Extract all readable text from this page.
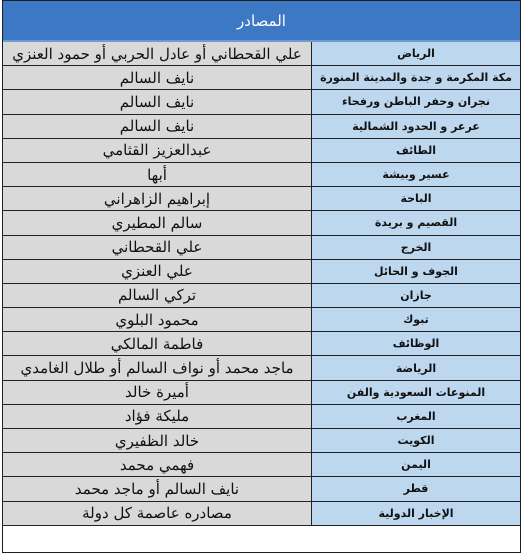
المصادر
الرياض
علي القحطاني أو عادل الحربي أو حمود العنزي
مكة المكرمة و جدة والمدينة المنورة
نايف السالم
نجران وحفر الباطن ورفحاء
نايف السالم
عرعر و الحدود الشمالية
نايف السالم
الطائف
عبدالعزيز القثامي
عسير وبيشة
أبها
الباحة
إبراهيم الزاهراني
القصيم و بريدة
سالم المطيري
الخرج
علي القحطاني
الجوف و الحائل
علي العنزي
جازان
تركي السالم
تبوك
محمود البلوي
الوظائف
فاطمة المالكي
الرياضة
ماجد محمد أو نواف السالم أو طلال الغامدي
المنوعات السعودية والفن
أميرة خالد
المغرب
مليكة فؤاد
الكويت
خالد الظفيري
اليمن
فهمي محمد
قطر
نايف السالم أو ماجد محمد
الإخبار الدولية
مصادره عاصمة كل دولة
